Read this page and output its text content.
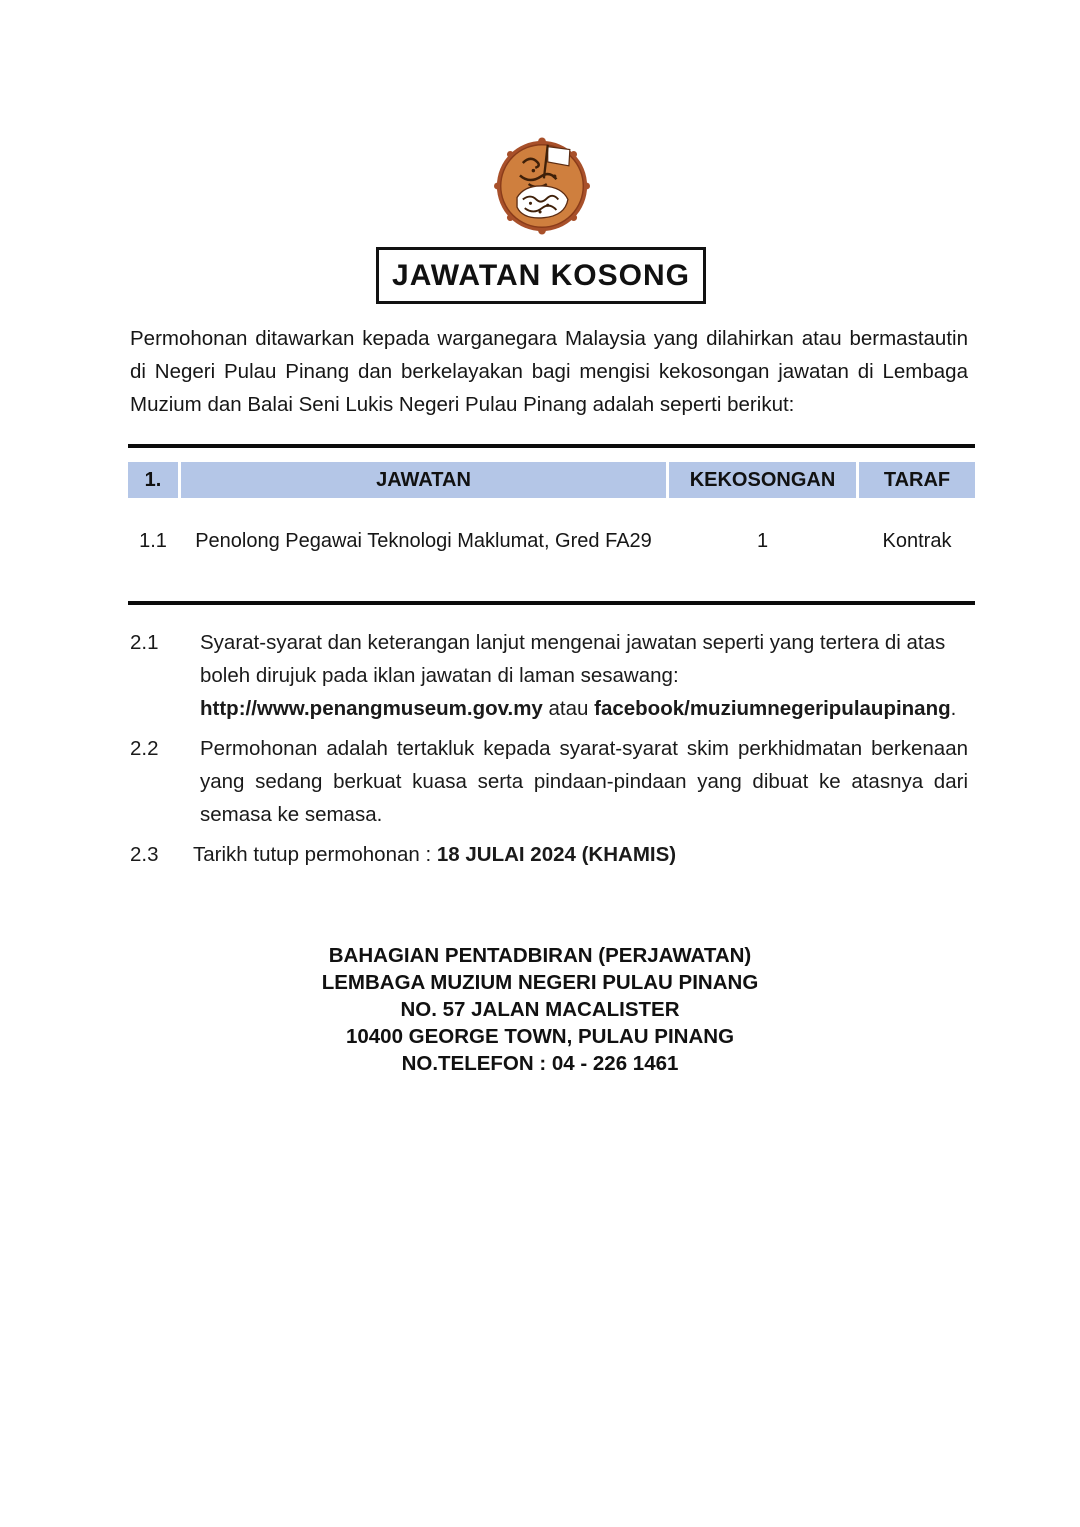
JAWATAN KOSONG

Permohonan ditawarkan kepada warganegara Malaysia yang dilahirkan atau bermastautin di Negeri Pulau Pinang dan berkelayakan bagi mengisi kekosongan jawatan di Lembaga Muzium dan Balai Seni Lukis Negeri Pulau Pinang adalah seperti berikut:

1.	JAWATAN	KEKOSONGAN	TARAF
1.1	Penolong Pegawai Teknologi Maklumat, Gred FA29	1	Kontrak
2.1	Syarat-syarat dan keterangan lanjut mengenai jawatan seperti yang tertera di atas boleh dirujuk pada iklan jawatan di laman sesawang:
http://www.penangmuseum.gov.my atau facebook/muziumnegeripulaupinang.

2.2	Permohonan adalah tertakluk kepada syarat-syarat skim perkhidmatan berkenaan yang sedang berkuat kuasa serta pindaan-pindaan yang dibuat ke atasnya dari semasa ke semasa.

2.3	Tarikh tutup permohonan : 18 JULAI 2024 (KHAMIS)

BAHAGIAN PENTADBIRAN (PERJAWATAN)
LEMBAGA MUZIUM NEGERI PULAU PINANG
NO. 57 JALAN MACALISTER
10400 GEORGE TOWN, PULAU PINANG
NO.TELEFON : 04 - 226 1461
